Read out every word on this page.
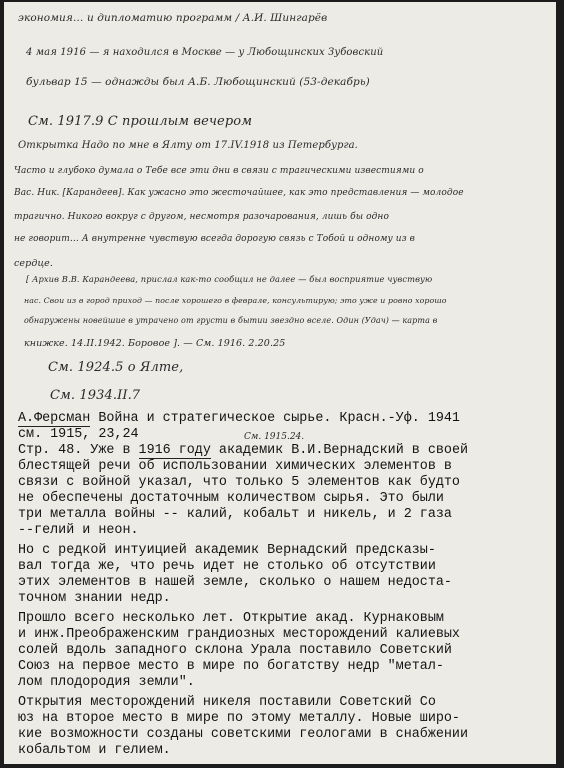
экономия… и дипломатию программ / А.И. Шингарёв
4 мая 1916 — я находился в Москве — у Любощинских Зубовский
бульвар 15 — однажды был А.Б. Любощинский (53-декабрь)
См. 1917.9 С прошлым вечером
Открытка Надо по мне в Ялту от 17.IV.1918 из Петербурга.
Часто и глубоко думала о Тебе все эти дни в связи с трагическими известиями о
Вас. Ник. [Карандеев]. Как ужасно это жесточайшее, как это представления — молодое
трагично. Никого вокруг с другом, несмотря разочарования, лишь бы одно
не говорит… А внутренне чувствую всегда дорогую связь с Тобой и одному из в
сердце.
[ Архив В.В. Карандеева, прислал как-то сообщил не далее — был восприятие чувствую
нас. Свои из в город приход — после хорошего в феврале, консультирую; это уже и ровно хорошо
обнаружены новейшие в утрачено от грусти в бытии звездно вселе. Один (Удач) — карта в
книжке. 14.II.1942. Боровое ]. — См. 1916. 2.20.25
См. 1924.5 о Ялте,
См. 1934.II.7
См. 1915.24.
А.Ферсман Война и стратегическое сырье. Красн.-Уф. 1941
см. 1915, 23,24
Стр. 48. Уже в 1916 году академик В.И.Вернадский в своей
блестящей речи об использовании химических элементов в
связи с войной указал, что только 5 элементов как будто
не обеспечены достаточным количеством сырья. Это были
три металла войны -- калий, кобальт и никель, и 2 газа
--гелий и неон.
Но с редкой интуицией академик Вернадский предсказы-
вал тогда же, что речь идет не столько об отсутствии
этих элементов в нашей земле, сколько о нашем недоста-
точном знании недр.
Прошло всего несколько лет. Открытие акад. Курнаковым
и инж.Преображенским грандиозных месторождений калиевых
солей вдоль западного склона Урала поставило Советский
Союз на первое место в мире по богатству недр "метал-
лом плодородия земли".
Открытия месторождений никеля поставили Советский Со
юз на второе место в мире по этому металлу. Новые широ-
кие возможности созданы советскими геологами в снабжении
кобальтом и гелием.
